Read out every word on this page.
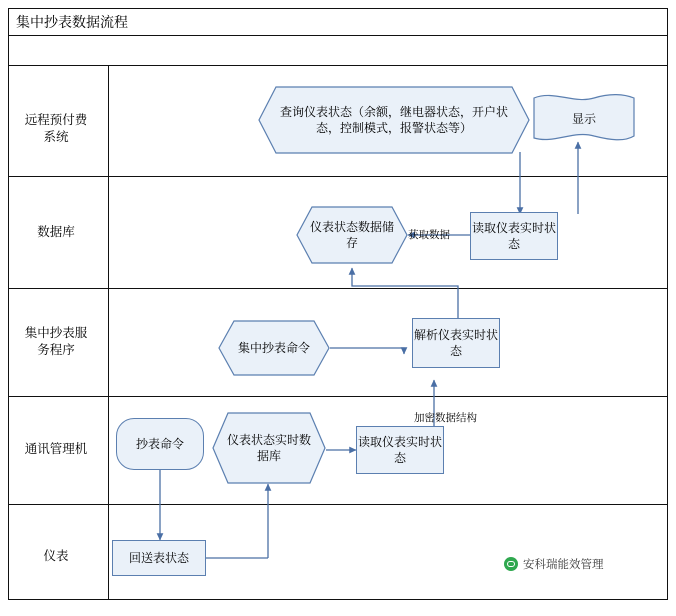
集中抄表数据流程
远程预付费
系统
数据库
集中抄表服
务程序
通讯管理机
仪表
查询仪表状态（余额，继电器状态，开户状态，控制模式，报警状态等）
显示
仪表状态数据储存
读取仪表实时状态
获取数据
集中抄表命令
解析仪表实时状态
抄表命令	仪表状态实时数据库
读取仪表实时状态
加密数据结构
回送表状态	安科瑞能效管理
